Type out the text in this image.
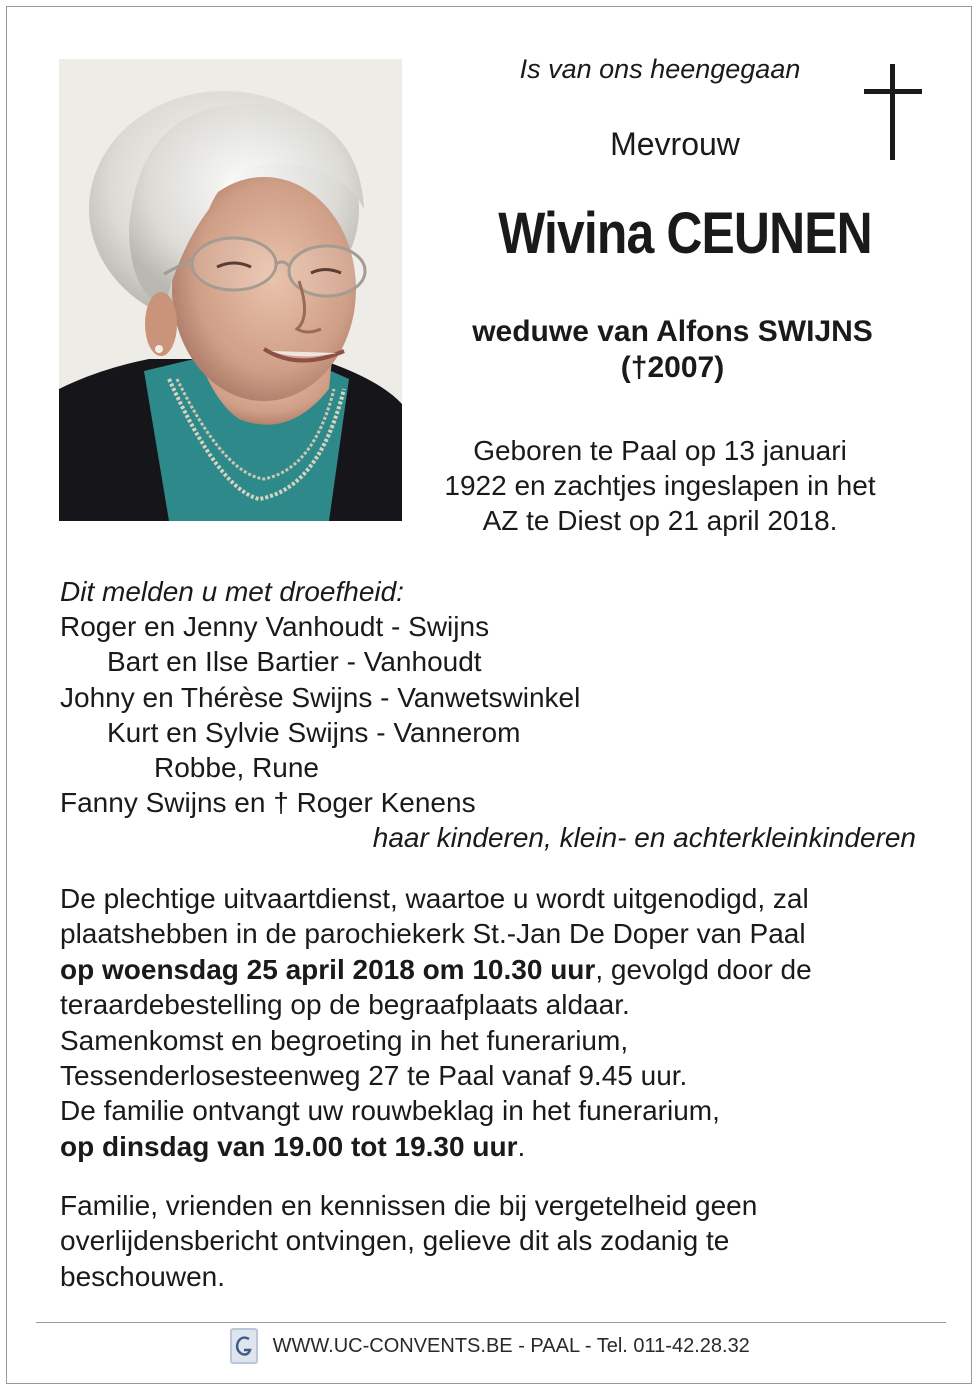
Is van ons heengegaan
Mevrouw
Wivina CEUNEN
weduwe van Alfons SWIJNS
(†2007)
Geboren te Paal op 13 januari
1922 en zachtjes ingeslapen in het
AZ te Diest op 21 april 2018.
Dit melden u met droefheid:
Roger en Jenny Vanhoudt - Swijns
Bart en Ilse Bartier - Vanhoudt
Johny en Thérèse Swijns - Vanwetswinkel
Kurt en Sylvie Swijns - Vannerom
Robbe, Rune
Fanny Swijns en † Roger Kenens
haar kinderen, klein- en achterkleinkinderen
De plechtige uitvaartdienst, waartoe u wordt uitgenodigd, zal
plaatshebben in de parochiekerk St.-Jan De Doper van Paal
op woensdag 25 april 2018 om 10.30 uur, gevolgd door de
teraardebestelling op de begraafplaats aldaar.
Samenkomst en begroeting in het funerarium,
Tessenderlosesteenweg 27 te Paal vanaf 9.45 uur.
De familie ontvangt uw rouwbeklag in het funerarium,
op dinsdag van 19.00 tot 19.30 uur.
Familie, vrienden en kennissen die bij vergetelheid geen
overlijdensbericht ontvingen, gelieve dit als zodanig te
beschouwen.
WWW.UC-CONVENTS.BE - PAAL - Tel. 011-42.28.32
